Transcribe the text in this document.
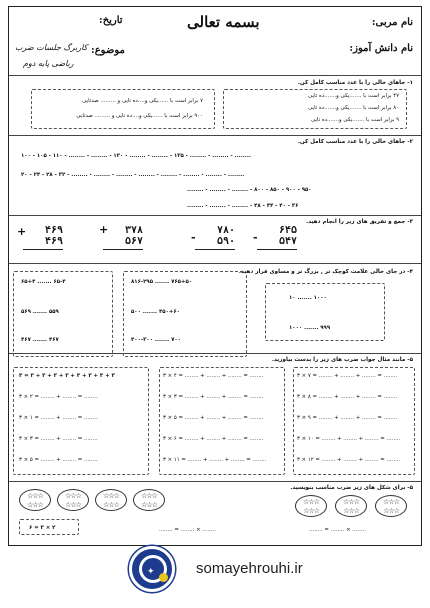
بسمه تعالی	نام مربی:
تاریخ:
نام دانش آموز:
موضوع:
کاربرگ جلسات ضرب
ریاضی پایه دوم
۱- جاهای خالی را با عدد مناسب کامل کن.
۴۷ برابر است با .......یکی و.......ده تایی
۸۰ برابر است با .......یکی و.......ده تایی
۹ برابر است با .......یکی و.......ده تایی
۷ برابر است با ......یکی و....ده تایی و ......... صدتایی
۹۰۰ برابر است با ......یکی و....ده تایی و ......... صدتایی
۲- جاهای خالی را با عدد مناسب کامل کن.
۱۰۰ - ۱۰۵ - ۱۱۰ - ........ - ........ - ۱۲۰ - ........ - ........ - ۱۳۵ - ........ - ........ - ........
۲۰ - ۲۴ - ۲۸ - ۳۲ - ........ - ........ - ........ - ........ - ........ - ........ - ........ - ........
........ - ........ - ........ - ۸۰۰ - ۸۵۰ - ۹۰۰ - ۹۵۰
........ - ........ - ........ - ۴۸ - ۴۴ - ۴۰ - ۳۶
۳- جمع و تفریق های زیر را انجام دهید.
۶۴۵
۵۴۷
-
۷۸۰
۵۹۰
-
۳۷۸
۵۶۷
+
۴۶۹
۴۶۹
+
۴- در جای خالی علامت کوچک تر , بزرگ تر و مساوی قرار دهید.
۱۰ ....... ۱۰۰۰
۱۰۰۰ ....... ۹۹۹
۸۱۶-۲۹۵ ....... ۷۶۵+۵۰
۵۰۰ ....... ۴۵۰+۶۰
۴۰۰-۳۰۰ ....... ۷۰۰
۶۵+۴ ....... ۶۵-۴
۵۶۹ ....... ۵۵۹
۴۶۷ ....... ۴۶۷
۵- مانند مثال جواب ضرب های زیر را بدست بیاورید.
۳ × ۷ = ........ + ........ + ........ = ........
۳ × ۸ = ........ + ........ + ........ = ........
۳ × ۹ = ........ + ........ + ........ = ........
۳ × ۱۰ = ........ + ........ + ........ = ........
۳ × ۱۲ = ........ + ........ + ........ = ........
۳ × ۴ = ........ + ........ + ........ = ........
۳ × ۳ = ........ + ........ + ........ = ........
۳ × ۵ = ........ + ........ + ........ = ........
۳ × ۶ = ........ + ........ + ........ = ........
۳ × ۱۱ = ........ + ........ + ........ = ........
۳ = ۳ + ۳ + ۳ + ۳ + ۳ + ۳ + ۳ + ۳
۳ × ۲ = ........ + ........ = ........
۳ × ۱ = ........ + ........ = ........
۳ × ۳ = ........ + ........ = ........
۳ × ۵ = ........ + ........ = ........
۵- برای شکل های زیر ضرب مناسب بنویسید.
☆☆☆
☆☆☆
☆☆☆
☆☆☆
☆☆☆
☆☆☆
........ = ........ × ........
........ = ........ × ........
☆☆☆
☆☆☆
☆☆☆
☆☆☆
☆☆☆
☆☆☆
☆☆☆
☆☆☆
۶ = ۳ × ۲
✦	somayehrouhi.ir
